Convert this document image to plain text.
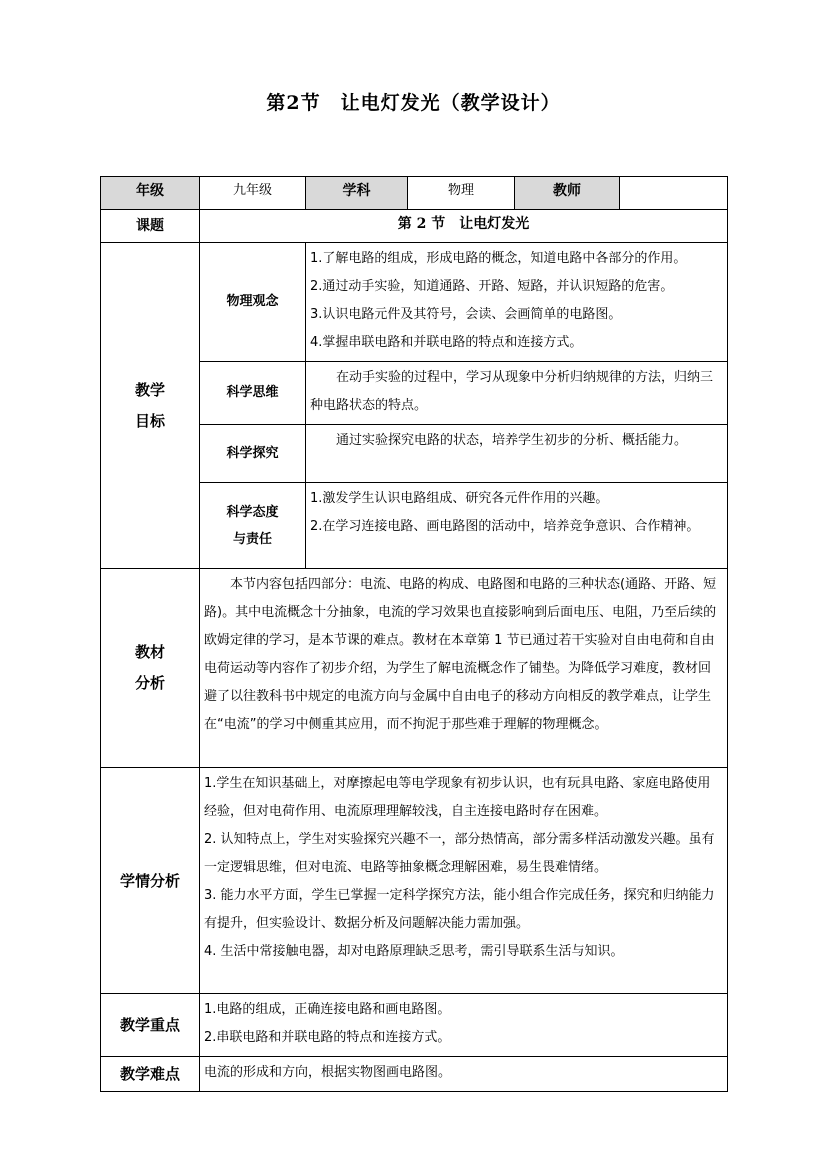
第2节　让电灯发光（教学设计）
年级	九年级	学科	物理	教师	
课题	第 2 节　让电灯发光				

教学
目标	物理观念	1.了解电路的组成，形成电路的概念，知道电路中各部分的作用。
2.通过动手实验，知道通路、开路、短路，并认识短路的危害。
3.认识电路元件及其符号，会读、会画简单的电路图。
4.掌握串联电路和并联电路的特点和连接方式。			

	科学思维	在动手实验的过程中，学习从现象中分析归纳规律的方法，归纳三种电路状态的特点。			
	科学探究	通过实验探究电路的状态，培养学生初步的分析、概括能力。			

	科学态度
与责任	1.激发学生认识电路组成、研究各元件作用的兴趣。
2.在学习连接电路、画电路图的活动中，培养竞争意识、合作精神。			

教材
分析	本节内容包括四部分：电流、电路的构成、电路图和电路的三种状态(通路、开路、短路)。其中电流概念十分抽象，电流的学习效果也直接影响到后面电压、电阻，乃至后续的欧姆定律的学习，是本节课的难点。教材在本章第 1 节已通过若干实验对自由电荷和自由电荷运动等内容作了初步介绍，为学生了解电流概念作了铺垫。为降低学习难度，教材回避了以往教科书中规定的电流方向与金属中自由电子的移动方向相反的教学难点，让学生在“电流”的学习中侧重其应用，而不拘泥于那些难于理解的物理概念。				
学情分析	1.学生在知识基础上，对摩擦起电等电学现象有初步认识，也有玩具电路、家庭电路使用经验，但对电荷作用、电流原理理解较浅，自主连接电路时存在困难。
2. 认知特点上，学生对实验探究兴趣不一，部分热情高，部分需多样活动激发兴趣。虽有一定逻辑思维，但对电流、电路等抽象概念理解困难，易生畏难情绪。
3. 能力水平方面，学生已掌握一定科学探究方法，能小组合作完成任务，探究和归纳能力有提升，但实验设计、数据分析及问题解决能力需加强。
4. 生活中常接触电器，却对电路原理缺乏思考，需引导联系生活与知识。				

教学重点	1.电路的组成，正确连接电路和画电路图。
2.串联电路和并联电路的特点和连接方式。				

教学难点	电流的形成和方向，根据实物图画电路图。				
